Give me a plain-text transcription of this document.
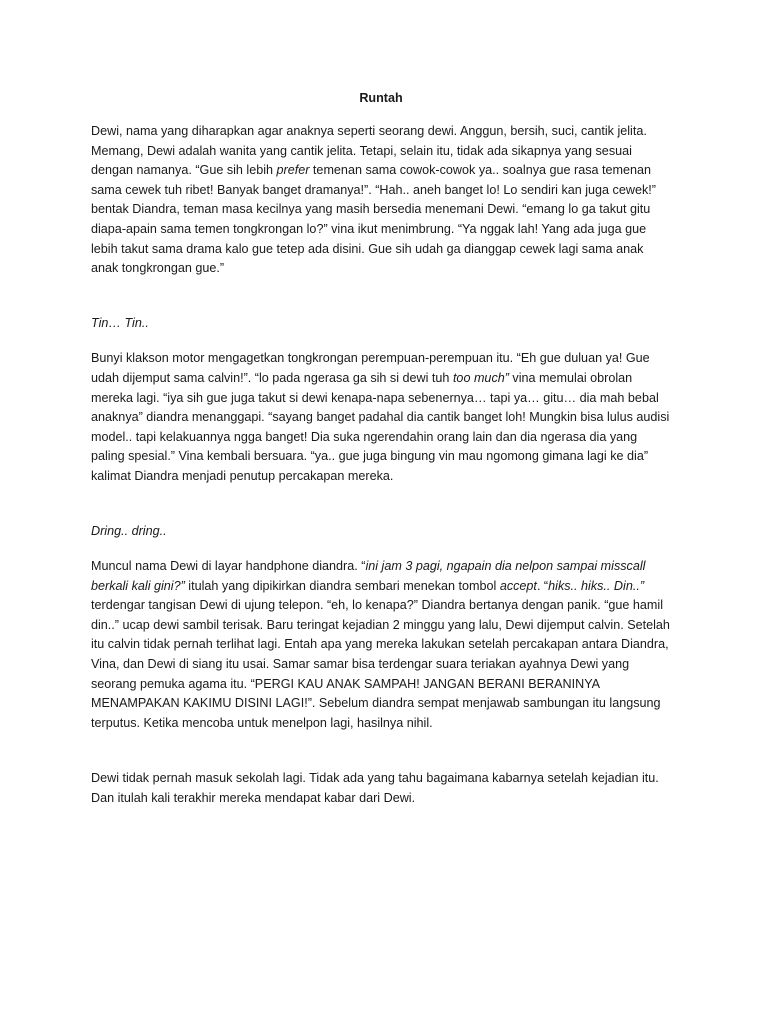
Runtah

Dewi, nama yang diharapkan agar anaknya seperti seorang dewi. Anggun, bersih, suci, cantik jelita. Memang, Dewi adalah wanita yang cantik jelita. Tetapi, selain itu, tidak ada sikapnya yang sesuai dengan namanya. “Gue sih lebih prefer temenan sama cowok-cowok ya.. soalnya gue rasa temenan sama cewek tuh ribet! Banyak banget dramanya!”. “Hah.. aneh banget lo! Lo sendiri kan juga cewek!” bentak Diandra, teman masa kecilnya yang masih bersedia menemani Dewi. “emang lo ga takut gitu diapa-apain sama temen tongkrongan lo?” vina ikut menimbrung. “Ya nggak lah! Yang ada juga gue lebih takut sama drama kalo gue tetep ada disini. Gue sih udah ga dianggap cewek lagi sama anak anak tongkrongan gue.”

Tin… Tin..

Bunyi klakson motor mengagetkan tongkrongan perempuan-perempuan itu. “Eh gue duluan ya! Gue udah dijemput sama calvin!”. “lo pada ngerasa ga sih si dewi tuh too much” vina memulai obrolan mereka lagi. “iya sih gue juga takut si dewi kenapa-napa sebenernya… tapi ya… gitu… dia mah bebal anaknya” diandra menanggapi. “sayang banget padahal dia cantik banget loh! Mungkin bisa lulus audisi model.. tapi kelakuannya ngga banget! Dia suka ngerendahin orang lain dan dia ngerasa dia yang paling spesial.” Vina kembali bersuara. “ya.. gue juga bingung vin mau ngomong gimana lagi ke dia” kalimat Diandra menjadi penutup percakapan mereka.

Dring.. dring..

Muncul nama Dewi di layar handphone diandra. “ini jam 3 pagi, ngapain dia nelpon sampai misscall berkali kali gini?” itulah yang dipikirkan diandra sembari menekan tombol accept. “hiks.. hiks.. Din..” terdengar tangisan Dewi di ujung telepon. “eh, lo kenapa?” Diandra bertanya dengan panik. “gue hamil din..” ucap dewi sambil terisak. Baru teringat kejadian 2 minggu yang lalu, Dewi dijemput calvin. Setelah itu calvin tidak pernah terlihat lagi. Entah apa yang mereka lakukan setelah percakapan antara Diandra, Vina, dan Dewi di siang itu usai. Samar samar bisa terdengar suara teriakan ayahnya Dewi yang seorang pemuka agama itu. “PERGI KAU ANAK SAMPAH! JANGAN BERANI BERANINYA MENAMPAKAN KAKIMU DISINI LAGI!”. Sebelum diandra sempat menjawab sambungan itu langsung terputus. Ketika mencoba untuk menelpon lagi, hasilnya nihil.

Dewi tidak pernah masuk sekolah lagi. Tidak ada yang tahu bagaimana kabarnya setelah kejadian itu. Dan itulah kali terakhir mereka mendapat kabar dari Dewi.
